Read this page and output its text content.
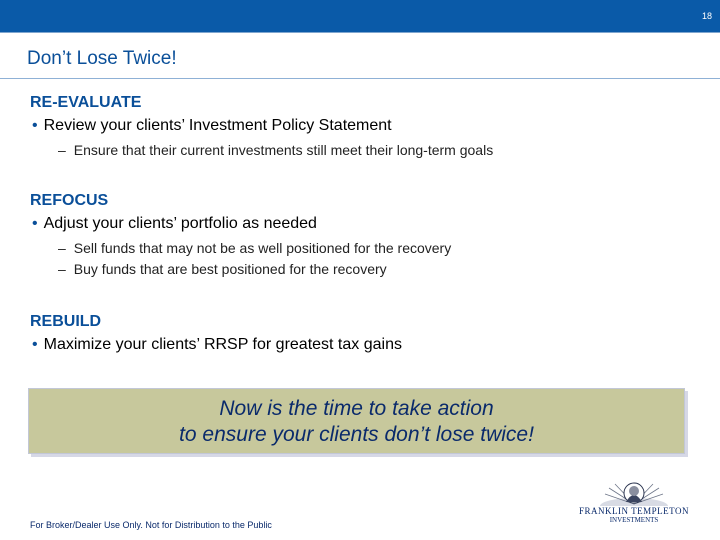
18
Don’t Lose Twice!
RE-EVALUATE
• Review your clients’ Investment Policy Statement
– Ensure that their current investments still meet their long-term goals
REFOCUS
• Adjust your clients’ portfolio as needed
– Sell funds that may not be as well positioned for the recovery
– Buy funds that are best positioned for the recovery
REBUILD
• Maximize your clients’ RRSP for greatest tax gains
Now is the time to take action
to ensure your clients don’t lose twice!
For Broker/Dealer Use Only. Not for Distribution to the Public
FRANKLIN TEMPLETON
INVESTMENTS
